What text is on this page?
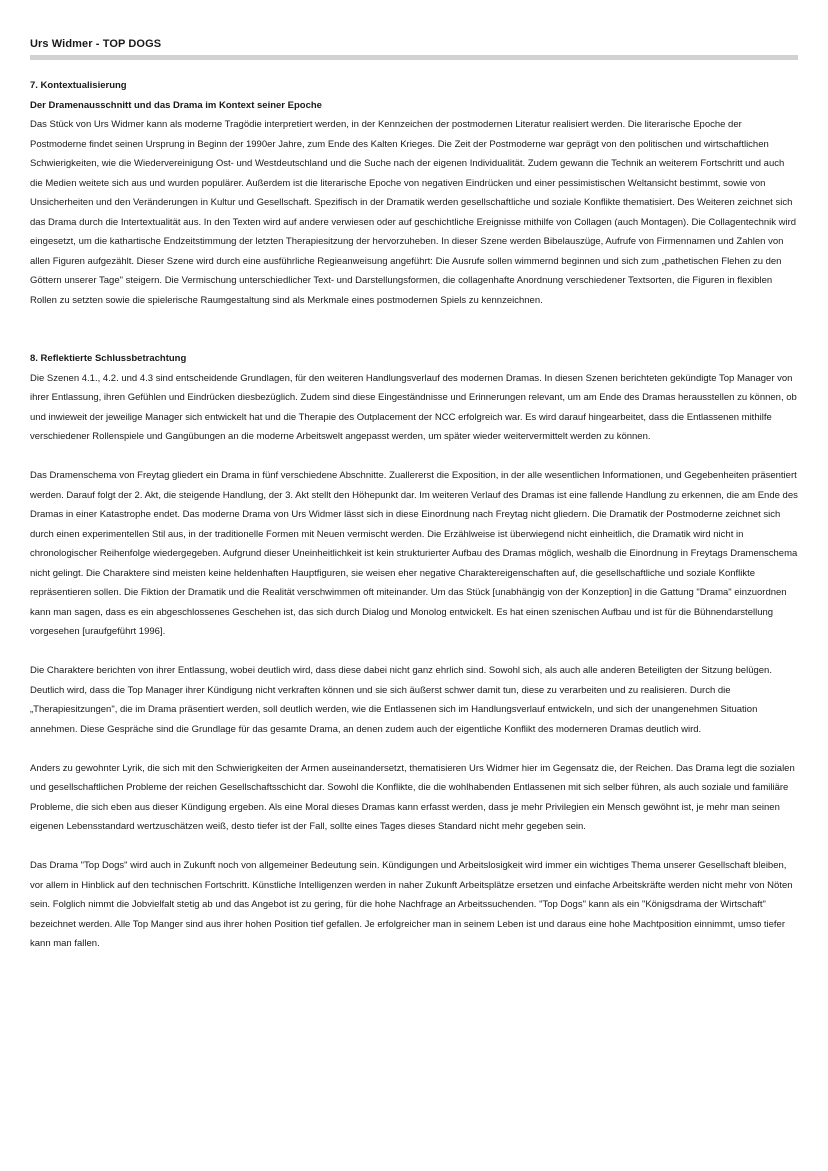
Urs Widmer - TOP DOGS

7. Kontextualisierung

Der Dramenausschnitt und das Drama im Kontext seiner Epoche

Das Stück von Urs Widmer kann als moderne Tragödie interpretiert werden, in der Kennzeichen der postmodernen Literatur realisiert werden. Die literarische Epoche der Postmoderne findet seinen Ursprung in Beginn der 1990er Jahre, zum Ende des Kalten Krieges. Die Zeit der Postmoderne war geprägt von den politischen und wirtschaftlichen Schwierigkeiten, wie die Wiedervereinigung Ost- und Westdeutschland und die Suche nach der eigenen Individualität. Zudem gewann die Technik an weiterem Fortschritt und auch die Medien weitete sich aus und wurden populärer. Außerdem ist die literarische Epoche von negativen Eindrücken und einer pessimistischen Weltansicht bestimmt, sowie von Unsicherheiten und den Veränderungen in Kultur und Gesellschaft. Spezifisch in der Dramatik werden gesellschaftliche und soziale Konflikte thematisiert. Des Weiteren zeichnet sich das Drama durch die Intertextualität aus. In den Texten wird auf andere verwiesen oder auf geschichtliche Ereignisse mithilfe von Collagen (auch Montagen). Die Collagentechnik wird eingesetzt, um die kathartische Endzeitstimmung der letzten Therapiesitzung der hervorzuheben. In dieser Szene werden Bibelauszüge, Aufrufe von Firmennamen und Zahlen von allen Figuren aufgezählt. Dieser Szene wird durch eine ausführliche Regieanweisung angeführt: Die Ausrufe sollen wimmernd beginnen und sich zum „pathetischen Flehen zu den Göttern unserer Tage" steigern. Die Vermischung unterschiedlicher Text- und Darstellungsformen, die collagenhafte Anordnung verschiedener Textsorten, die Figuren in flexiblen Rollen zu setzten sowie die spielerische Raumgestaltung sind als Merkmale eines postmodernen Spiels zu kennzeichnen.

8. Reflektierte Schlussbetrachtung

Die Szenen 4.1., 4.2. und 4.3 sind entscheidende Grundlagen, für den weiteren Handlungsverlauf des modernen Dramas. In diesen Szenen berichteten gekündigte Top Manager von ihrer Entlassung, ihren Gefühlen und Eindrücken diesbezüglich. Zudem sind diese Eingeständnisse und Erinnerungen relevant, um am Ende des Dramas herausstellen zu können, ob und inwieweit der jeweilige Manager sich entwickelt hat und die Therapie des Outplacement der NCC erfolgreich war. Es wird darauf hingearbeitet, dass die Entlassenen mithilfe verschiedener Rollenspiele und Gangübungen an die moderne Arbeitswelt angepasst werden, um später wieder weitervermittelt werden zu können.

Das Dramenschema von Freytag gliedert ein Drama in fünf verschiedene Abschnitte. Zuallererst die Exposition, in der alle wesentlichen Informationen, und Gegebenheiten präsentiert werden. Darauf folgt der 2. Akt, die steigende Handlung, der 3. Akt stellt den Höhepunkt dar. Im weiteren Verlauf des Dramas ist eine fallende Handlung zu erkennen, die am Ende des Dramas in einer Katastrophe endet. Das moderne Drama von Urs Widmer lässt sich in diese Einordnung nach Freytag nicht gliedern. Die Dramatik der Postmoderne zeichnet sich durch einen experimentellen Stil aus, in der traditionelle Formen mit Neuen vermischt werden. Die Erzählweise ist überwiegend nicht einheitlich, die Dramatik wird nicht in chronologischer Reihenfolge wiedergegeben. Aufgrund dieser Uneinheitlichkeit ist kein strukturierter Aufbau des Dramas möglich, weshalb die Einordnung in Freytags Dramenschema nicht gelingt. Die Charaktere sind meisten keine heldenhaften Hauptfiguren, sie weisen eher negative Charaktereigenschaften auf, die gesellschaftliche und soziale Konflikte repräsentieren sollen. Die Fiktion der Dramatik und die Realität verschwimmen oft miteinander. Um das Stück [unabhängig von der Konzeption] in die Gattung "Drama" einzuordnen kann man sagen, dass es ein abgeschlossenes Geschehen ist, das sich durch Dialog und Monolog entwickelt. Es hat einen szenischen Aufbau und ist für die Bühnendarstellung vorgesehen [uraufgeführt 1996].

Die Charaktere berichten von ihrer Entlassung, wobei deutlich wird, dass diese dabei nicht ganz ehrlich sind. Sowohl sich, als auch alle anderen Beteiligten der Sitzung belügen. Deutlich wird, dass die Top Manager ihrer Kündigung nicht verkraften können und sie sich äußerst schwer damit tun, diese zu verarbeiten und zu realisieren. Durch die „Therapiesitzungen", die im Drama präsentiert werden, soll deutlich werden, wie die Entlassenen sich im Handlungsverlauf entwickeln, und sich der unangenehmen Situation annehmen. Diese Gespräche sind die Grundlage für das gesamte Drama, an denen zudem auch der eigentliche Konflikt des moderneren Dramas deutlich wird.

Anders zu gewohnter Lyrik, die sich mit den Schwierigkeiten der Armen auseinandersetzt, thematisieren Urs Widmer hier im Gegensatz die, der Reichen. Das Drama legt die sozialen und gesellschaftlichen Probleme der reichen Gesellschaftsschicht dar. Sowohl die Konflikte, die die wohlhabenden Entlassenen mit sich selber führen, als auch soziale und familiäre Probleme, die sich eben aus dieser Kündigung ergeben. Als eine Moral dieses Dramas kann erfasst werden, dass je mehr Privilegien ein Mensch gewöhnt ist, je mehr man seinen eigenen Lebensstandard wertzuschätzen weiß, desto tiefer ist der Fall, sollte eines Tages dieses Standard nicht mehr gegeben sein.

Das Drama "Top Dogs" wird auch in Zukunft noch von allgemeiner Bedeutung sein. Kündigungen und Arbeitslosigkeit wird immer ein wichtiges Thema unserer Gesellschaft bleiben, vor allem in Hinblick auf den technischen Fortschritt. Künstliche Intelligenzen werden in naher Zukunft Arbeitsplätze ersetzen und einfache Arbeitskräfte werden nicht mehr von Nöten sein. Folglich nimmt die Jobvielfalt stetig ab und das Angebot ist zu gering, für die hohe Nachfrage an Arbeitssuchenden. "Top Dogs" kann als ein "Königsdrama der Wirtschaft" bezeichnet werden. Alle Top Manger sind aus ihrer hohen Position tief gefallen. Je erfolgreicher man in seinem Leben ist und daraus eine hohe Machtposition einnimmt, umso tiefer kann man fallen.
